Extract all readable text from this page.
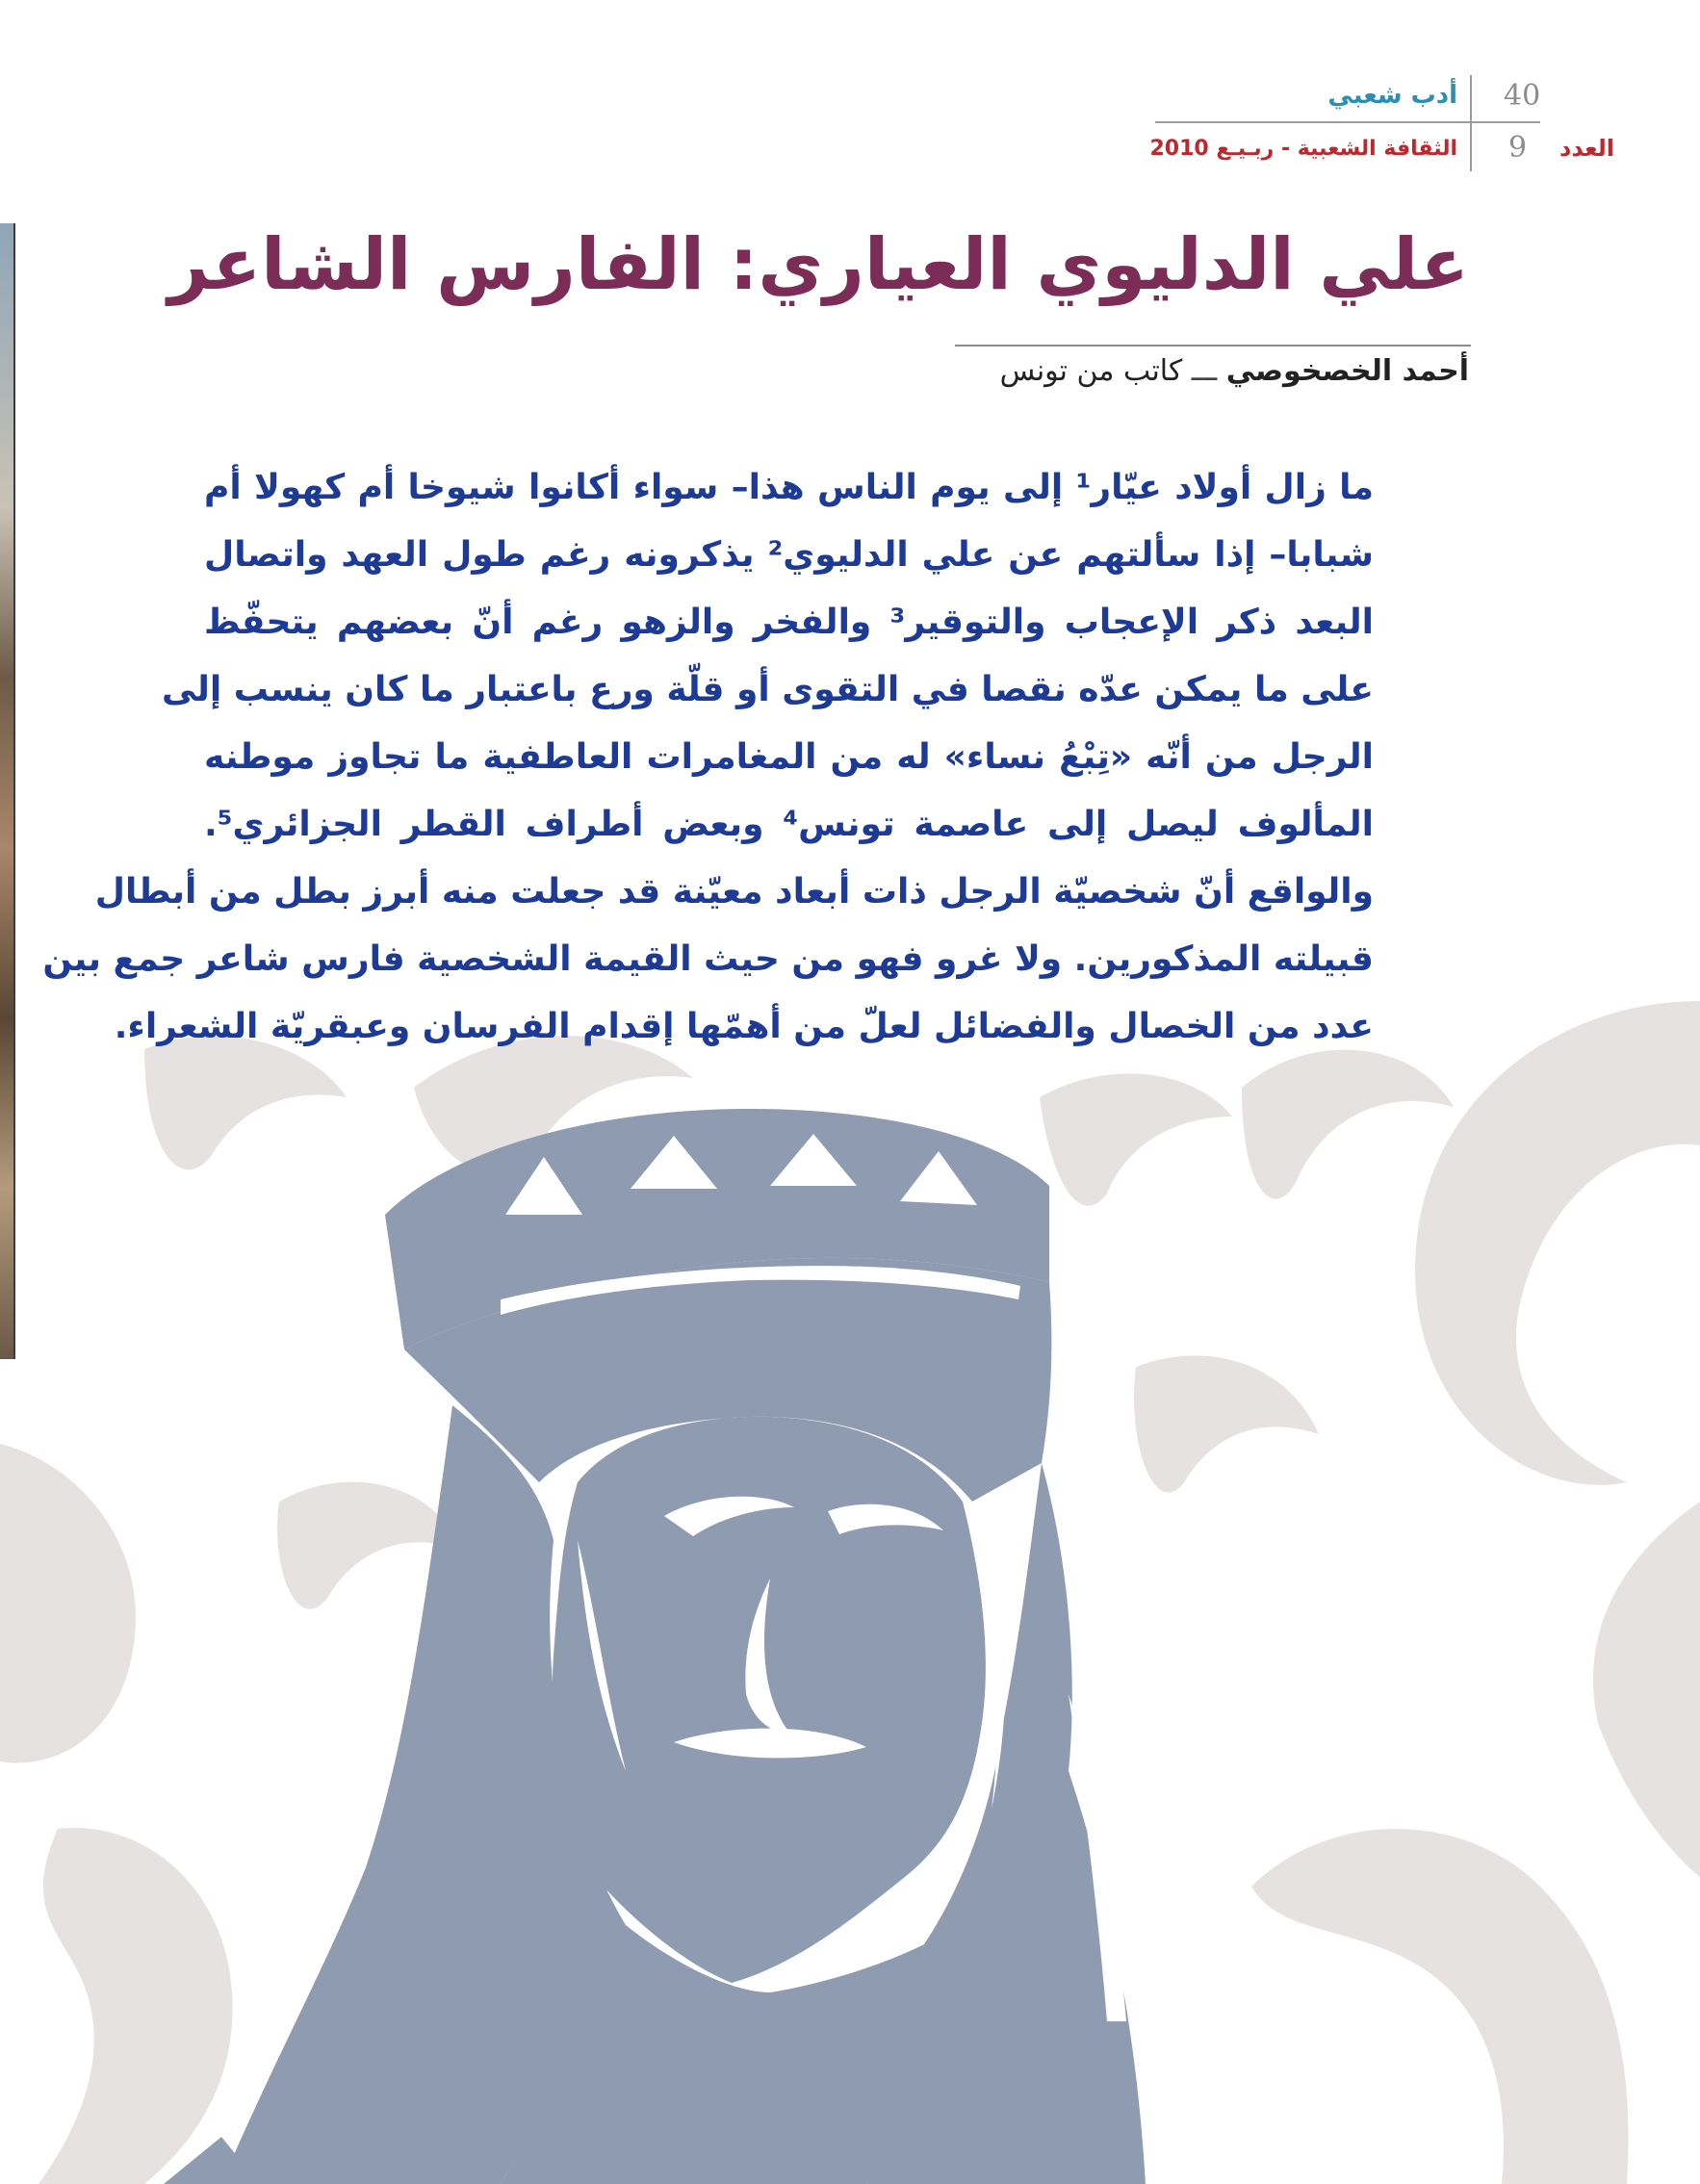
40
9
أدب شعبي
العدد
الثقافة الشعبية - ربـيـع 2010
علي الدليوي العياري: الفارس الشاعر
أحمد الخصخوصي ـــ كاتب من تونس
ما زال أولاد عيّار¹ إلى يوم الناس هذا– سواء أكانوا شيوخا أم كهولا أم
شبابا– إذا سألتهم عن علي الدليوي² يذكرونه رغم طول العهد واتصال
البعد ذكر الإعجاب والتوقير³ والفخر والزهو رغم أنّ بعضهم يتحفّظ
على ما يمكن عدّه نقصا في التقوى أو قلّة ورع باعتبار ما كان ينسب إلى
الرجل من أنّه «تِبْعُ نساء» له من المغامرات العاطفية ما تجاوز موطنه
المألوف ليصل إلى عاصمة تونس⁴ وبعض أطراف القطر الجزائري⁵.
والواقع أنّ شخصيّة الرجل ذات أبعاد معيّنة قد جعلت منه أبرز بطل من أبطال
قبيلته المذكورين. ولا غرو فهو من حيث القيمة الشخصية فارس شاعر جمع بين
عدد من الخصال والفضائل لعلّ من أهمّها إقدام الفرسان وعبقريّة الشعراء.
